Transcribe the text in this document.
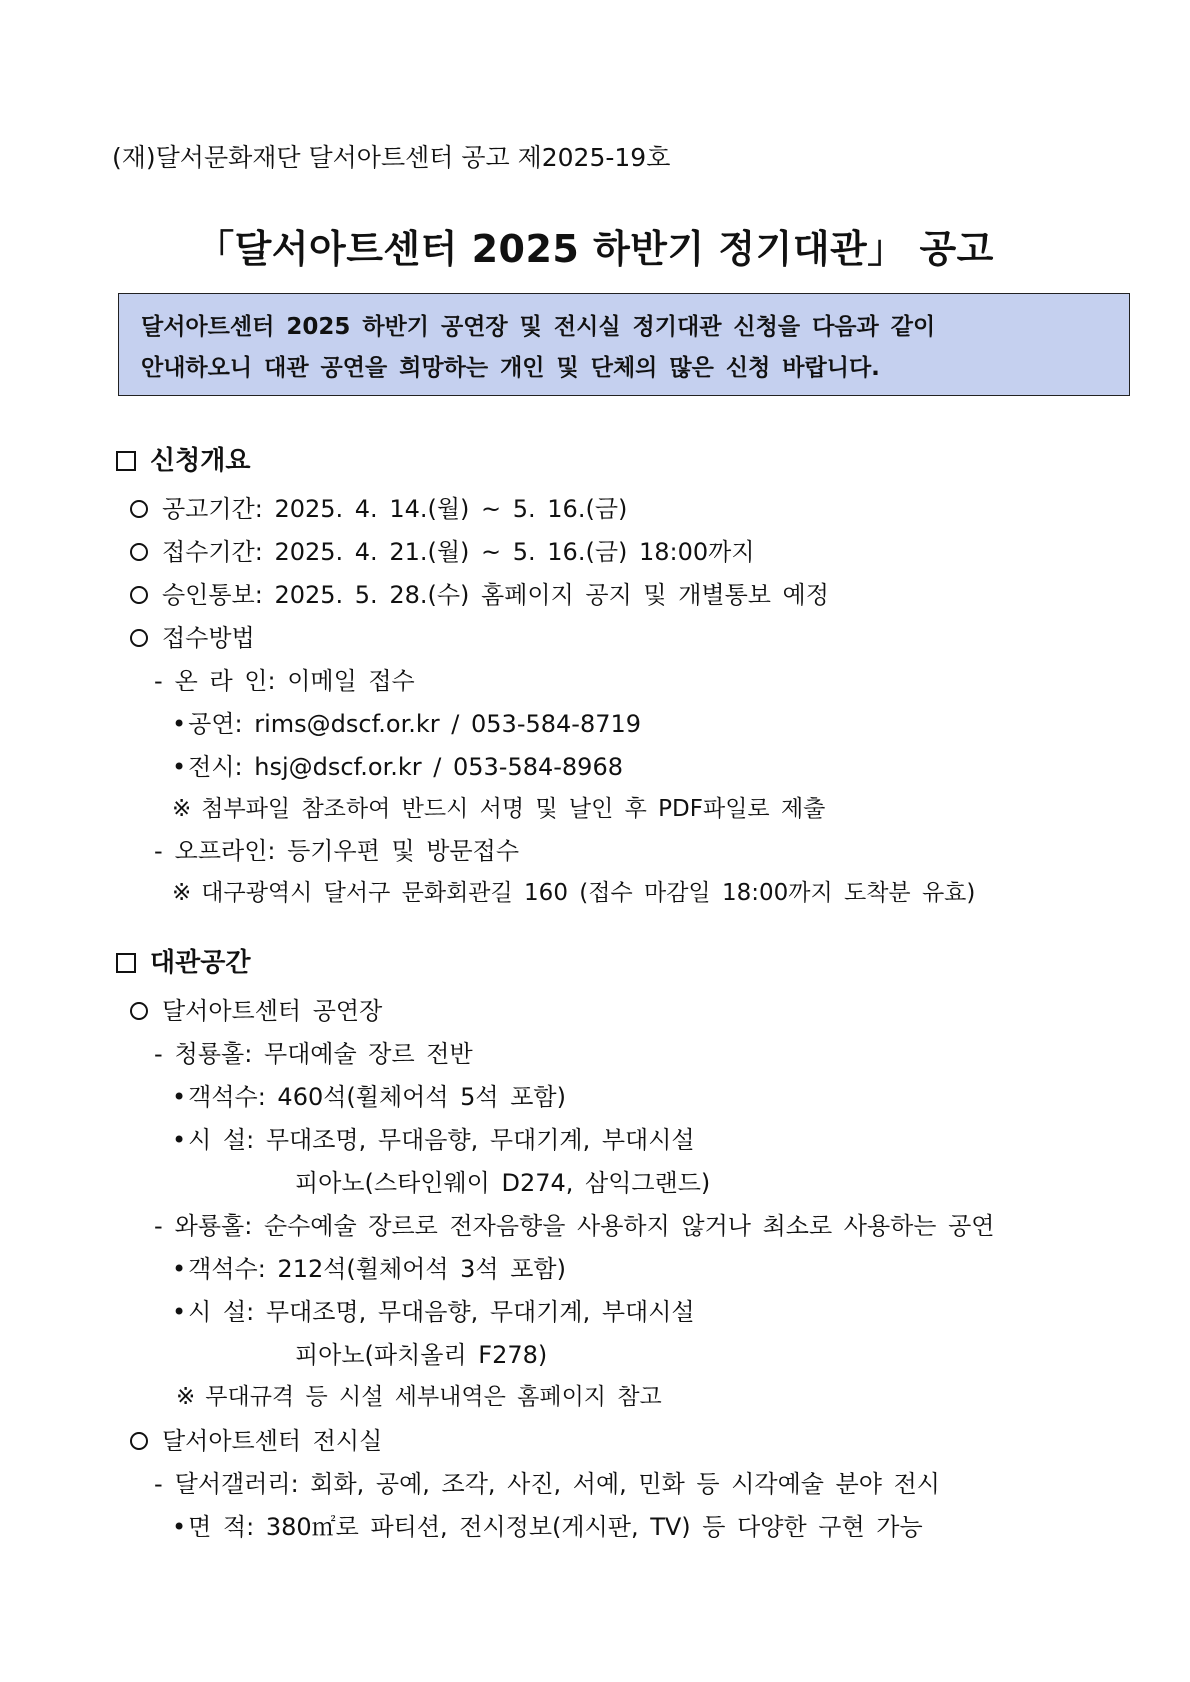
(재)달서문화재단 달서아트센터 공고 제2025-19호
「달서아트센터 2025 하반기 정기대관」 공고
달서아트센터 2025 하반기 공연장 및 전시실 정기대관 신청을 다음과 같이
안내하오니 대관 공연을 희망하는 개인 및 단체의 많은 신청 바랍니다.
신청개요
공고기간: 2025. 4. 14.(월) ~ 5. 16.(금)
접수기간: 2025. 4. 21.(월) ~ 5. 16.(금) 18:00까지
승인통보: 2025. 5. 28.(수) 홈페이지 공지 및 개별통보 예정
접수방법
- 온 라 인: 이메일 접수
•공연: rims@dscf.or.kr / 053-584-8719
•전시: hsj@dscf.or.kr / 053-584-8968
※ 첨부파일 참조하여 반드시 서명 및 날인 후 PDF파일로 제출
- 오프라인: 등기우편 및 방문접수
※ 대구광역시 달서구 문화회관길 160 (접수 마감일 18:00까지 도착분 유효)
대관공간
달서아트센터 공연장
- 청룡홀: 무대예술 장르 전반
•객석수: 460석(휠체어석 5석 포함)
•시 설: 무대조명, 무대음향, 무대기계, 부대시설
피아노(스타인웨이 D274, 삼익그랜드)
- 와룡홀: 순수예술 장르로 전자음향을 사용하지 않거나 최소로 사용하는 공연
•객석수: 212석(휠체어석 3석 포함)
•시 설: 무대조명, 무대음향, 무대기계, 부대시설
피아노(파치올리 F278)
※ 무대규격 등 시설 세부내역은 홈페이지 참고
달서아트센터 전시실
- 달서갤러리: 회화, 공예, 조각, 사진, 서예, 민화 등 시각예술 분야 전시
•면 적: 380㎡로 파티션, 전시정보(게시판, TV) 등 다양한 구현 가능
